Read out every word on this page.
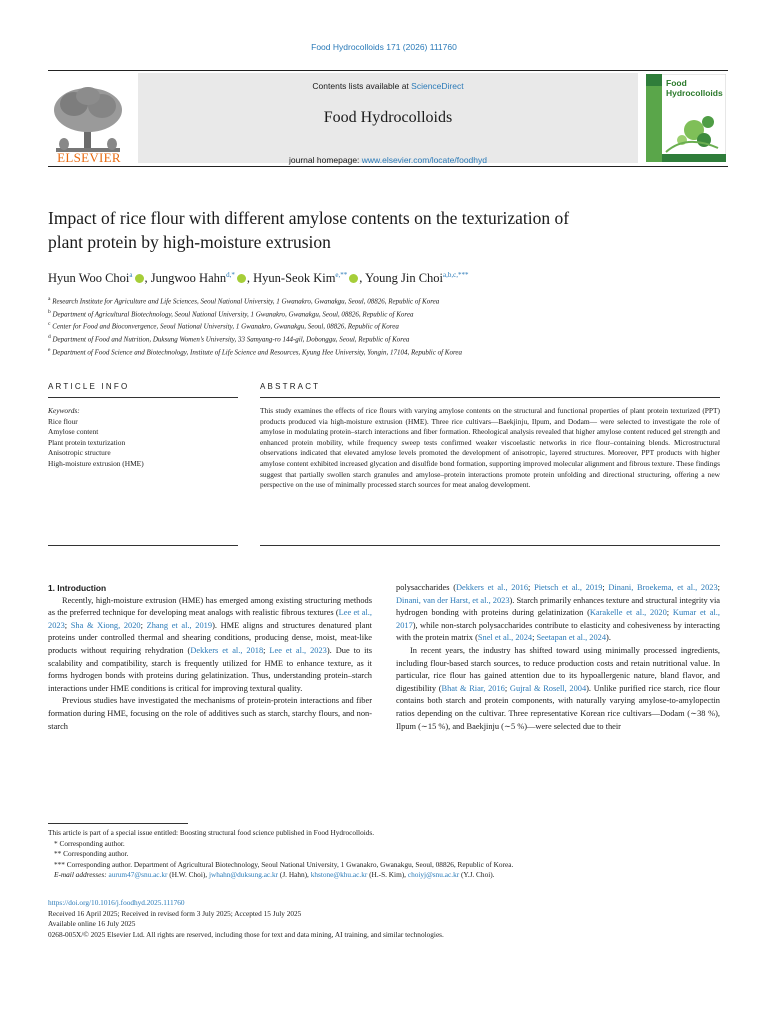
Food Hydrocolloids 171 (2026) 111760
ELSEVIER
Contents lists available at ScienceDirect
Food Hydrocolloids
journal homepage: www.elsevier.com/locate/foodhyd
Food
Hydrocolloids
Impact of rice flour with different amylose contents on the texturization of
plant protein by high-moisture extrusion
Hyun Woo Choi$^a$ , Jungwoo Hahn$^{d,*}$ , Hyun-Seok Kim$^{e,**}$ , Young Jin Choi$^{a,b,c,***}$
$^a$ Research Institute for Agriculture and Life Sciences, Seoul National University, 1 Gwanakro, Gwanakgu, Seoul, 08826, Republic of Korea
$^b$ Department of Agricultural Biotechnology, Seoul National University, 1 Gwanakro, Gwanakgu, Seoul, 08826, Republic of Korea
$^c$ Center for Food and Bioconvergence, Seoul National University, 1 Gwanakro, Gwanakgu, Seoul, 08826, Republic of Korea
$^d$ Department of Food and Nutrition, Duksung Women’s University, 33 Samyang-ro 144-gil, Dobonggu, Seoul, Republic of Korea
$^e$ Department of Food Science and Biotechnology, Institute of Life Science and Resources, Kyung Hee University, Yongin, 17104, Republic of Korea
ARTICLE INFO	ABSTRACT
Keywords:
Rice flour
Amylose content
Plant protein texturization
Anisotropic structure
High-moisture extrusion (HME)
This study examines the effects of rice flours with varying amylose contents on the structural and functional properties of plant protein texturized (PPT) products produced via high-moisture extrusion (HME). Three rice cultivars—Baekjinju, Ilpum, and Dodam— were selected to investigate the role of amylose in modulating protein–starch interactions and fiber formation. Rheological analysis revealed that higher amylose content reduced gel strength and enhanced protein mobility, while frequency sweep tests confirmed weaker viscoelastic networks in rice flour–containing blends. Microstructural observations indicated that elevated amylose levels promoted the development of anisotropic, layered structures. Moreover, PPT products with higher amylose content exhibited increased glycation and disulfide bond formation, supporting improved molecular alignment and fibrous texture. These findings suggest that partially swollen starch granules and amylose–protein interactions promote protein unfolding and directional structuring, offering a new perspective on the use of minimally processed starch sources for meat analog development.

1. Introduction

Recently, high-moisture extrusion (HME) has emerged among existing structuring methods as the preferred technique for developing meat analogs with realistic fibrous textures (Lee et al., 2023; Sha & Xiong, 2020; Zhang et al., 2019). HME aligns and structures denatured plant proteins under controlled thermal and shearing conditions, producing dense, moist, meat-like products without requiring rehydration (Dekkers et al., 2018; Lee et al., 2023). Due to its scalability and compatibility, starch is frequently utilized for HME to enhance texture, as it forms hydrogen bonds with proteins during gelatinization. Thus, understanding protein–starch interactions under HME conditions is critical for improving textural quality.

Previous studies have investigated the mechanisms of protein-protein interactions and fiber formation during HME, focusing on the role of additives such as starch, starchy flours, and non-starch

polysaccharides (Dekkers et al., 2016; Pietsch et al., 2019; Dinani, Broekema, et al., 2023; Dinani, van der Harst, et al., 2023). Starch primarily enhances texture and structural integrity via hydrogen bonding with proteins during gelatinization (Karakelle et al., 2020; Kumar et al., 2017), while non-starch polysaccharides contribute to elasticity and cohesiveness by interacting with the protein matrix (Snel et al., 2024; Seetapan et al., 2024).

In recent years, the industry has shifted toward using minimally processed ingredients, including flour-based starch sources, to reduce production costs and retain nutritional value. In particular, rice flour has gained attention due to its hypoallergenic nature, bland flavor, and digestibility (Bhat & Riar, 2016; Gujral & Rosell, 2004). Unlike purified rice starch, rice flour contains both starch and protein components, with naturally varying amylose-to-amylopectin ratios depending on the cultivar. Three representative Korean rice cultivars—Dodam (∼38 %), Ilpum (∼15 %), and Baekjinju (∼5 %)—were selected due to their

This article is part of a special issue entitled: Boosting structural food science published in Food Hydrocolloids.
* Corresponding author.
** Corresponding author.
*** Corresponding author. Department of Agricultural Biotechnology, Seoul National University, 1 Gwanakro, Gwanakgu, Seoul, 08826, Republic of Korea.
E-mail addresses: aurum47@snu.ac.kr (H.W. Choi), jwhahn@duksung.ac.kr (J. Hahn), khstone@khu.ac.kr (H.-S. Kim), choiyj@snu.ac.kr (Y.J. Choi).
https://doi.org/10.1016/j.foodhyd.2025.111760
Received 16 April 2025; Received in revised form 3 July 2025; Accepted 15 July 2025
Available online 16 July 2025
0268-005X/© 2025 Elsevier Ltd. All rights are reserved, including those for text and data mining, AI training, and similar technologies.
